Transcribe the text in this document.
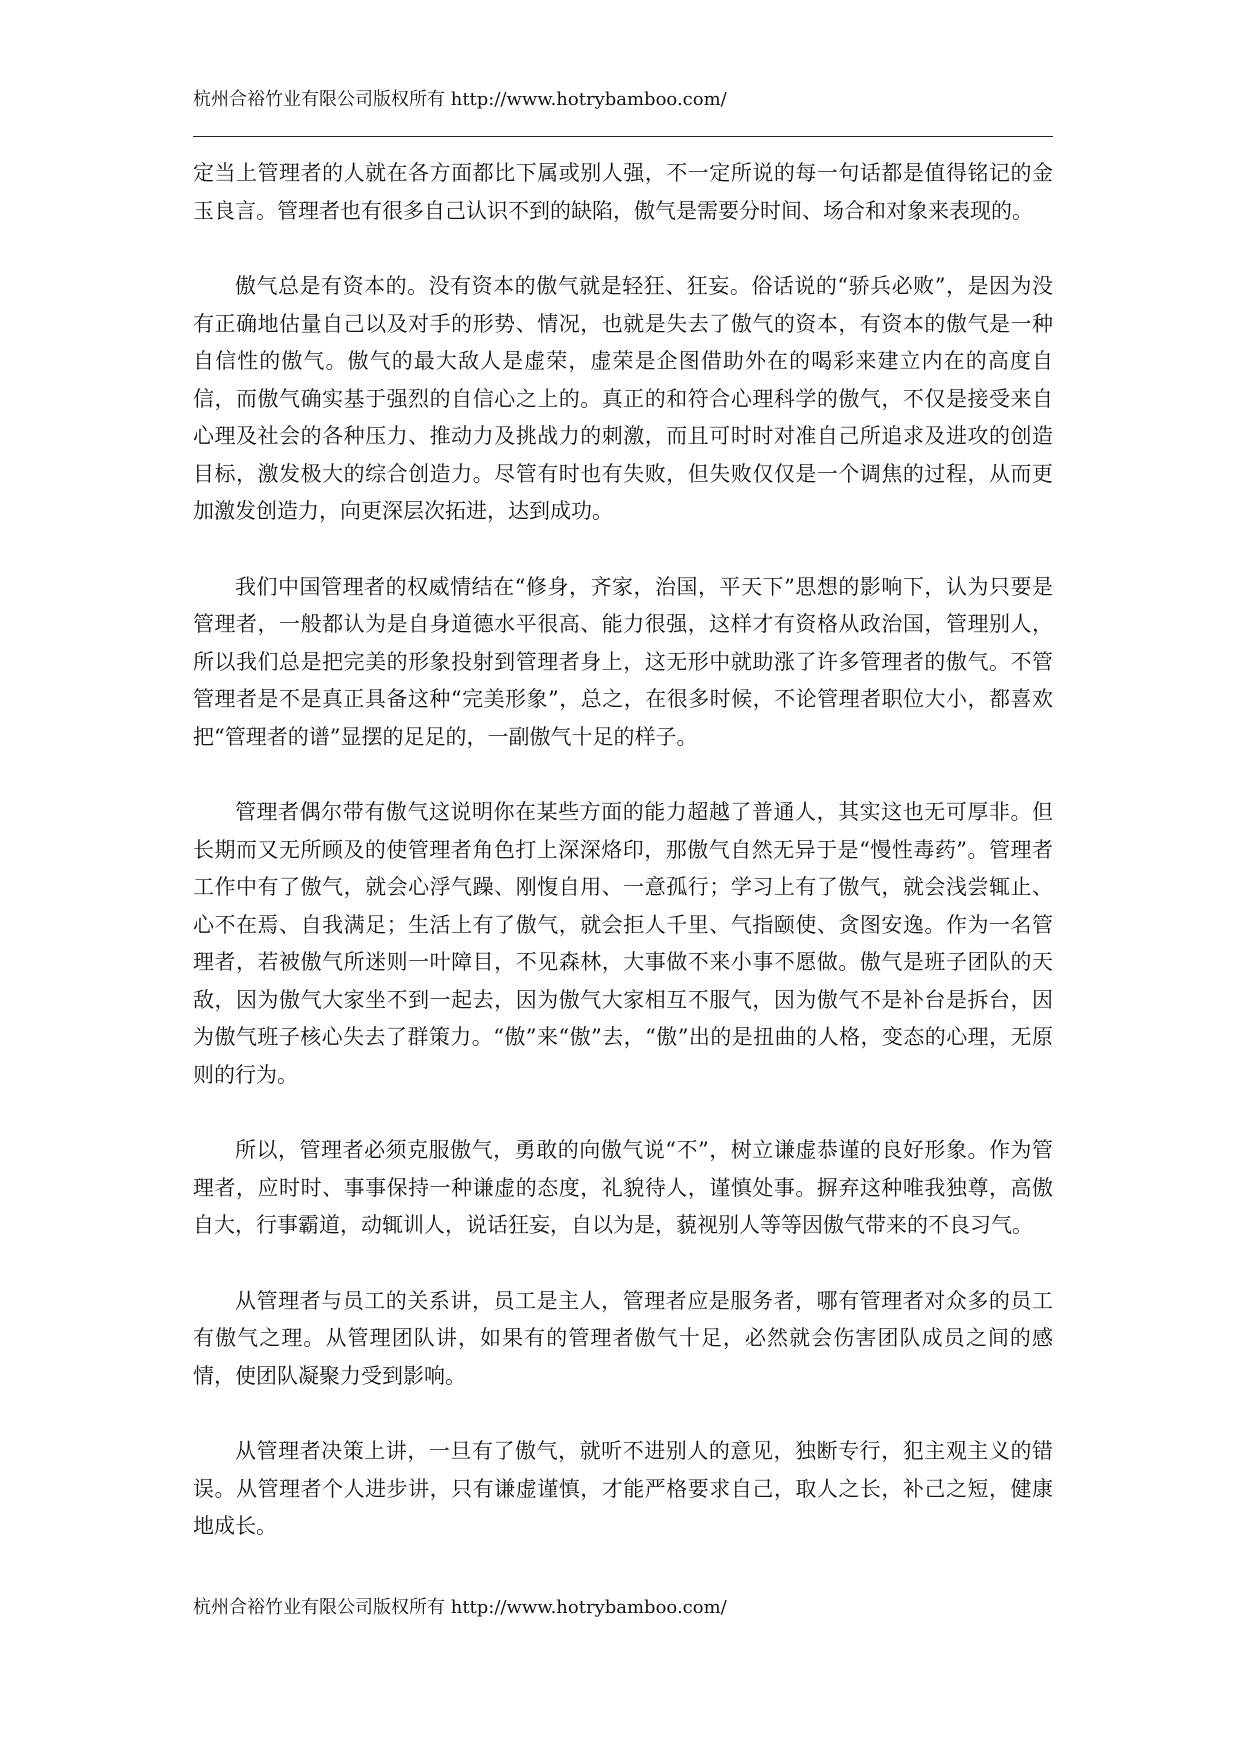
杭州合裕竹业有限公司版权所有 http://www.hotrybamboo.com/

定当上管理者的人就在各方面都比下属或别人强，不一定所说的每一句话都是值得铭记的金玉良言。管理者也有很多自己认识不到的缺陷，傲气是需要分时间、场合和对象来表现的。

傲气总是有资本的。没有资本的傲气就是轻狂、狂妄。俗话说的“骄兵必败”，是因为没有正确地估量自己以及对手的形势、情况，也就是失去了傲气的资本，有资本的傲气是一种自信性的傲气。傲气的最大敌人是虚荣，虚荣是企图借助外在的喝彩来建立内在的高度自信，而傲气确实基于强烈的自信心之上的。真正的和符合心理科学的傲气，不仅是接受来自心理及社会的各种压力、推动力及挑战力的刺激，而且可时时对准自己所追求及进攻的创造目标，激发极大的综合创造力。尽管有时也有失败，但失败仅仅是一个调焦的过程，从而更加激发创造力，向更深层次拓进，达到成功。

我们中国管理者的权威情结在“修身，齐家，治国，平天下”思想的影响下，认为只要是管理者，一般都认为是自身道德水平很高、能力很强，这样才有资格从政治国，管理别人，所以我们总是把完美的形象投射到管理者身上，这无形中就助涨了许多管理者的傲气。不管管理者是不是真正具备这种“完美形象”，总之，在很多时候，不论管理者职位大小，都喜欢把“管理者的谱”显摆的足足的，一副傲气十足的样子。

管理者偶尔带有傲气这说明你在某些方面的能力超越了普通人，其实这也无可厚非。但长期而又无所顾及的使管理者角色打上深深烙印，那傲气自然无异于是“慢性毒药”。管理者工作中有了傲气，就会心浮气躁、刚愎自用、一意孤行；学习上有了傲气，就会浅尝辄止、心不在焉、自我满足；生活上有了傲气，就会拒人千里、气指颐使、贪图安逸。作为一名管理者，若被傲气所迷则一叶障目，不见森林，大事做不来小事不愿做。傲气是班子团队的天敌，因为傲气大家坐不到一起去，因为傲气大家相互不服气，因为傲气不是补台是拆台，因为傲气班子核心失去了群策力。“傲”来“傲”去，“傲”出的是扭曲的人格，变态的心理，无原则的行为。

所以，管理者必须克服傲气，勇敢的向傲气说“不”，树立谦虚恭谨的良好形象。作为管理者，应时时、事事保持一种谦虚的态度，礼貌待人，谨慎处事。摒弃这种唯我独尊，高傲自大，行事霸道，动辄训人，说话狂妄，自以为是，藐视别人等等因傲气带来的不良习气。

从管理者与员工的关系讲，员工是主人，管理者应是服务者，哪有管理者对众多的员工有傲气之理。从管理团队讲，如果有的管理者傲气十足，必然就会伤害团队成员之间的感情，使团队凝聚力受到影响。

从管理者决策上讲，一旦有了傲气，就听不进别人的意见，独断专行，犯主观主义的错误。从管理者个人进步讲，只有谦虚谨慎，才能严格要求自己，取人之长，补己之短，健康地成长。

杭州合裕竹业有限公司版权所有 http://www.hotrybamboo.com/
